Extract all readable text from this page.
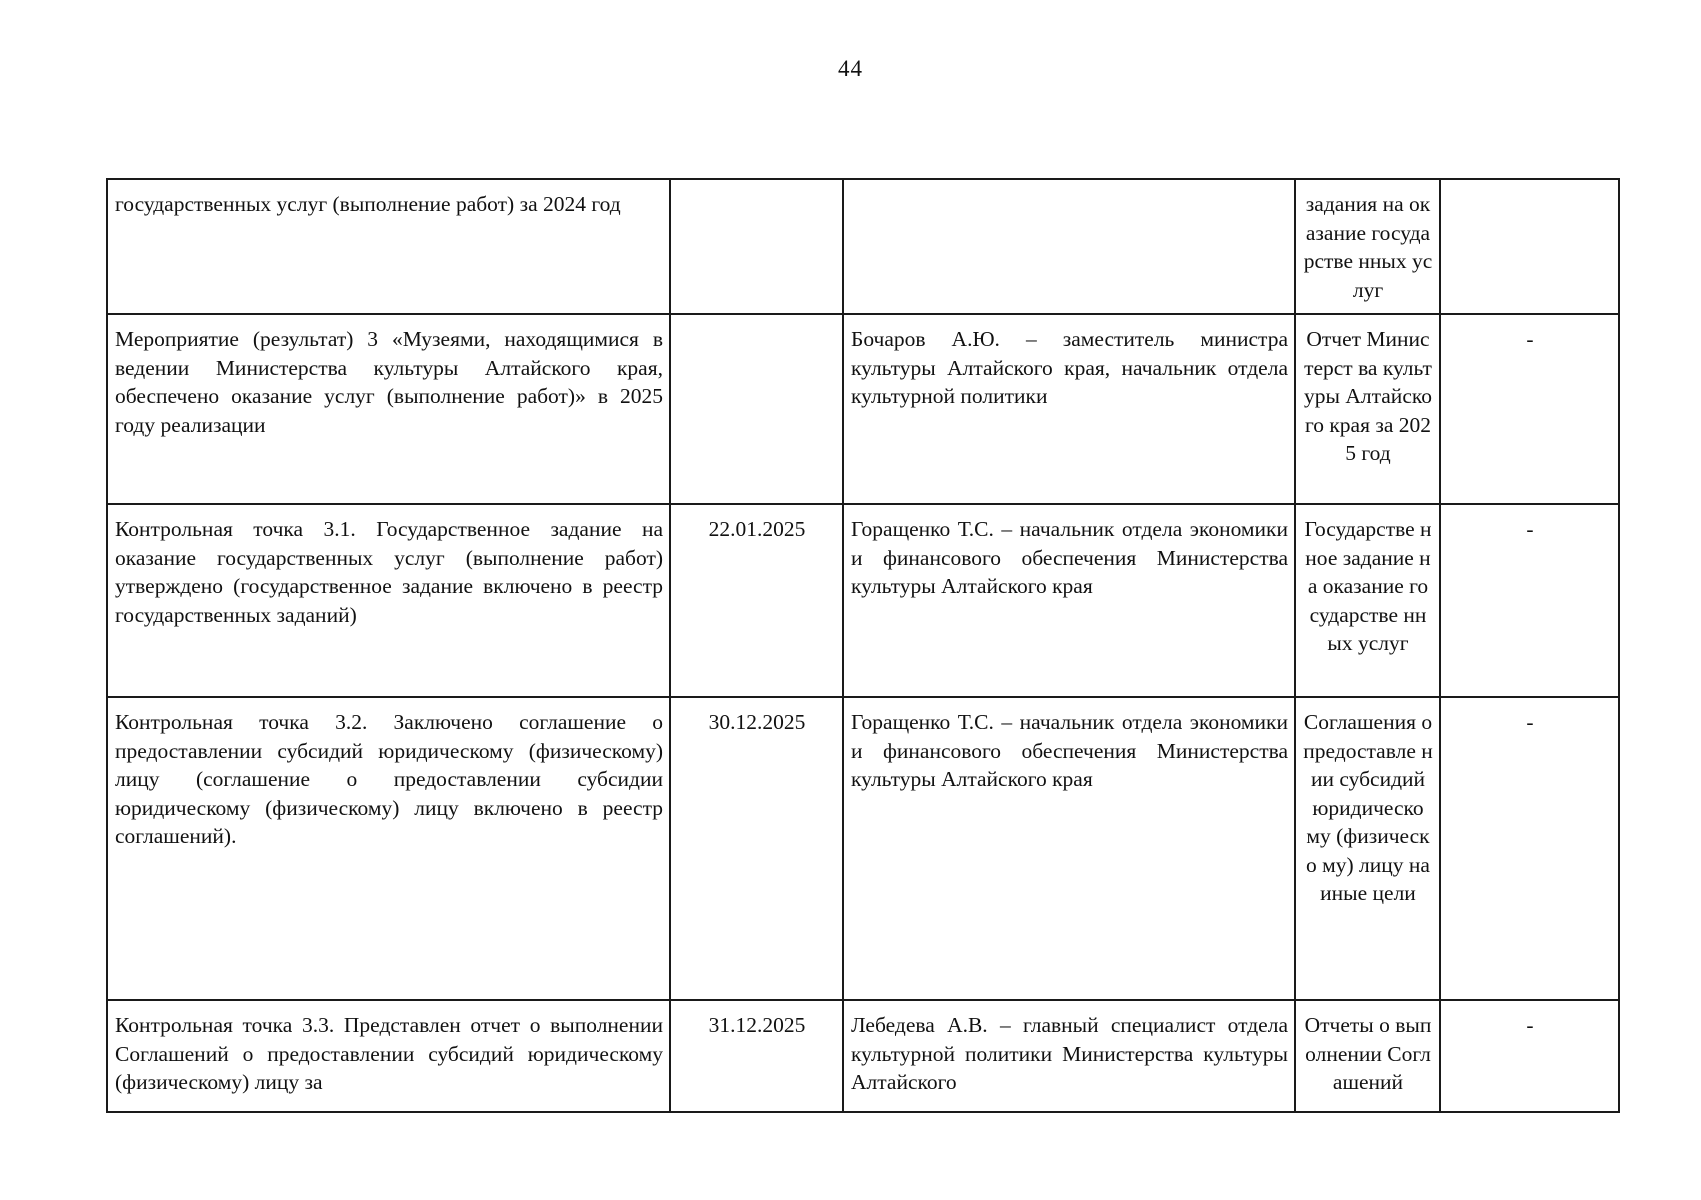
44
государственных услуг (выполнение работ) за 2024 год			задания на оказание государстве нных услуг	
Мероприятие (результат) 3 «Музеями, находящимися в ведении Министерства культуры Алтайского края, обеспечено оказание услуг (выполнение работ)» в 2025 году реализации		Бочаров А.Ю. – заместитель министра культуры Алтайского края, начальник отдела культурной политики	Отчет Министерст ва культуры Алтайского края за 2025 год	-
Контрольная точка 3.1. Государственное задание на оказание государственных услуг (выполнение работ) утверждено (государственное задание включено в реестр государственных заданий)	22.01.2025	Горащенко Т.С. – начальник отдела экономики и финансового обеспечения Министерства культуры Алтайского края	Государстве нное задание на оказание государстве нных услуг	-
Контрольная точка 3.2. Заключено соглашение о предоставлении субсидий юридическому (физическому) лицу (соглашение о предоставлении субсидии юридическому (физическому) лицу включено в реестр соглашений).	30.12.2025	Горащенко Т.С. – начальник отдела экономики и финансового обеспечения Министерства культуры Алтайского края	Соглашения о предоставле нии субсидий юридическо му (физическо му) лицу на иные цели	-
Контрольная точка 3.3. Представлен отчет о выполнении Соглашений о предоставлении субсидий юридическому (физическому) лицу за	31.12.2025	Лебедева А.В. – главный специалист отдела культурной политики Министерства культуры Алтайского	Отчеты о выполнении Соглашений	-
